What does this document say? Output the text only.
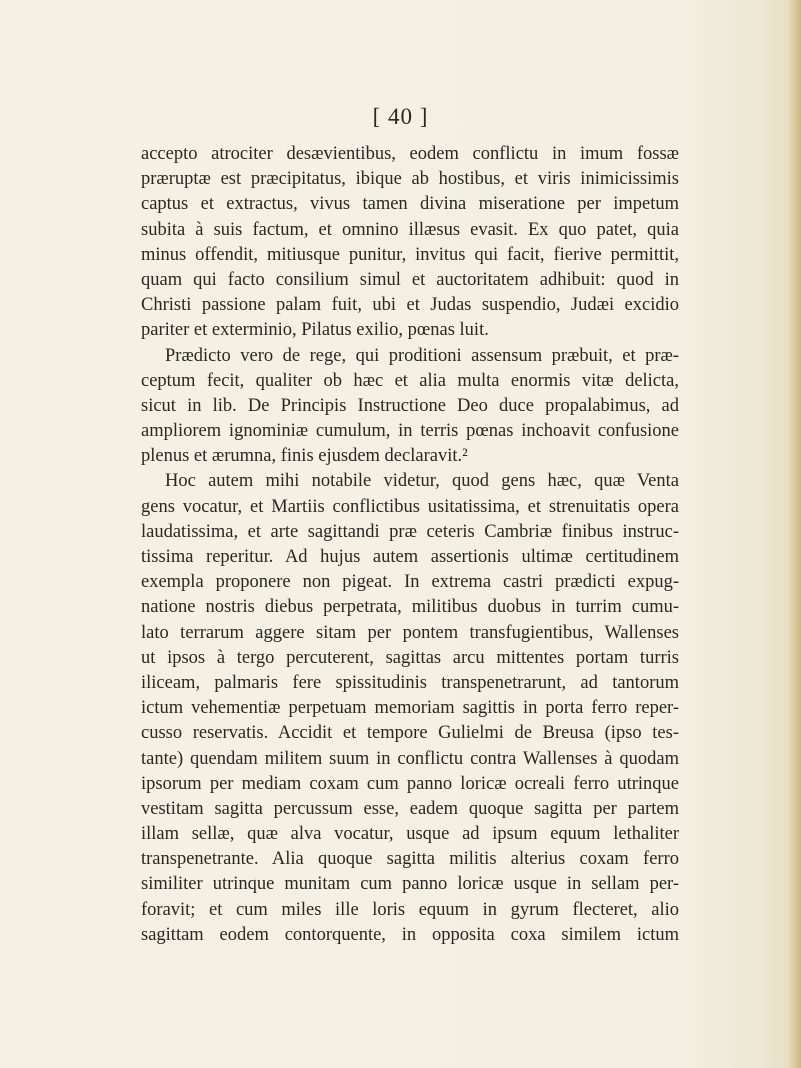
[ 40 ]
accepto atrociter desævientibus, eodem conflictu in imum fossæ
præruptæ est præcipitatus, ibique ab hostibus, et viris inimicissimis
captus et extractus, vivus tamen divina miseratione per impetum
subita à suis factum, et omnino illæsus evasit. Ex quo patet, quia
minus offendit, mitiusque punitur, invitus qui facit, fierive permittit,
quam qui facto consilium simul et auctoritatem adhibuit: quod in
Christi passione palam fuit, ubi et Judas suspendio, Judæi excidio
pariter et exterminio, Pilatus exilio, pœnas luit.
Prædicto vero de rege, qui proditioni assensum præbuit, et præ-
ceptum fecit, qualiter ob hæc et alia multa enormis vitæ delicta,
sicut in lib. De Principis Instructione Deo duce propalabimus, ad
ampliorem ignominiæ cumulum, in terris pœnas inchoavit confusione
plenus et ærumna, finis ejusdem declaravit.²
Hoc autem mihi notabile videtur, quod gens hæc, quæ Venta
gens vocatur, et Martiis conflictibus usitatissima, et strenuitatis opera
laudatissima, et arte sagittandi præ ceteris Cambriæ finibus instruc-
tissima reperitur. Ad hujus autem assertionis ultimæ certitudinem
exempla proponere non pigeat. In extrema castri prædicti expug-
natione nostris diebus perpetrata, militibus duobus in turrim cumu-
lato terrarum aggere sitam per pontem transfugientibus, Wallenses
ut ipsos à tergo percuterent, sagittas arcu mittentes portam turris
iliceam, palmaris fere spissitudinis transpenetrarunt, ad tantorum
ictum vehementiæ perpetuam memoriam sagittis in porta ferro reper-
cusso reservatis. Accidit et tempore Gulielmi de Breusa (ipso tes-
tante) quendam militem suum in conflictu contra Wallenses à quodam
ipsorum per mediam coxam cum panno loricæ ocreali ferro utrinque
vestitam sagitta percussum esse, eadem quoque sagitta per partem
illam sellæ, quæ alva vocatur, usque ad ipsum equum lethaliter
transpenetrante. Alia quoque sagitta militis alterius coxam ferro
similiter utrinque munitam cum panno loricæ usque in sellam per-
foravit; et cum miles ille loris equum in gyrum flecteret, alio
sagittam eodem contorquente, in opposita coxa similem ictum
